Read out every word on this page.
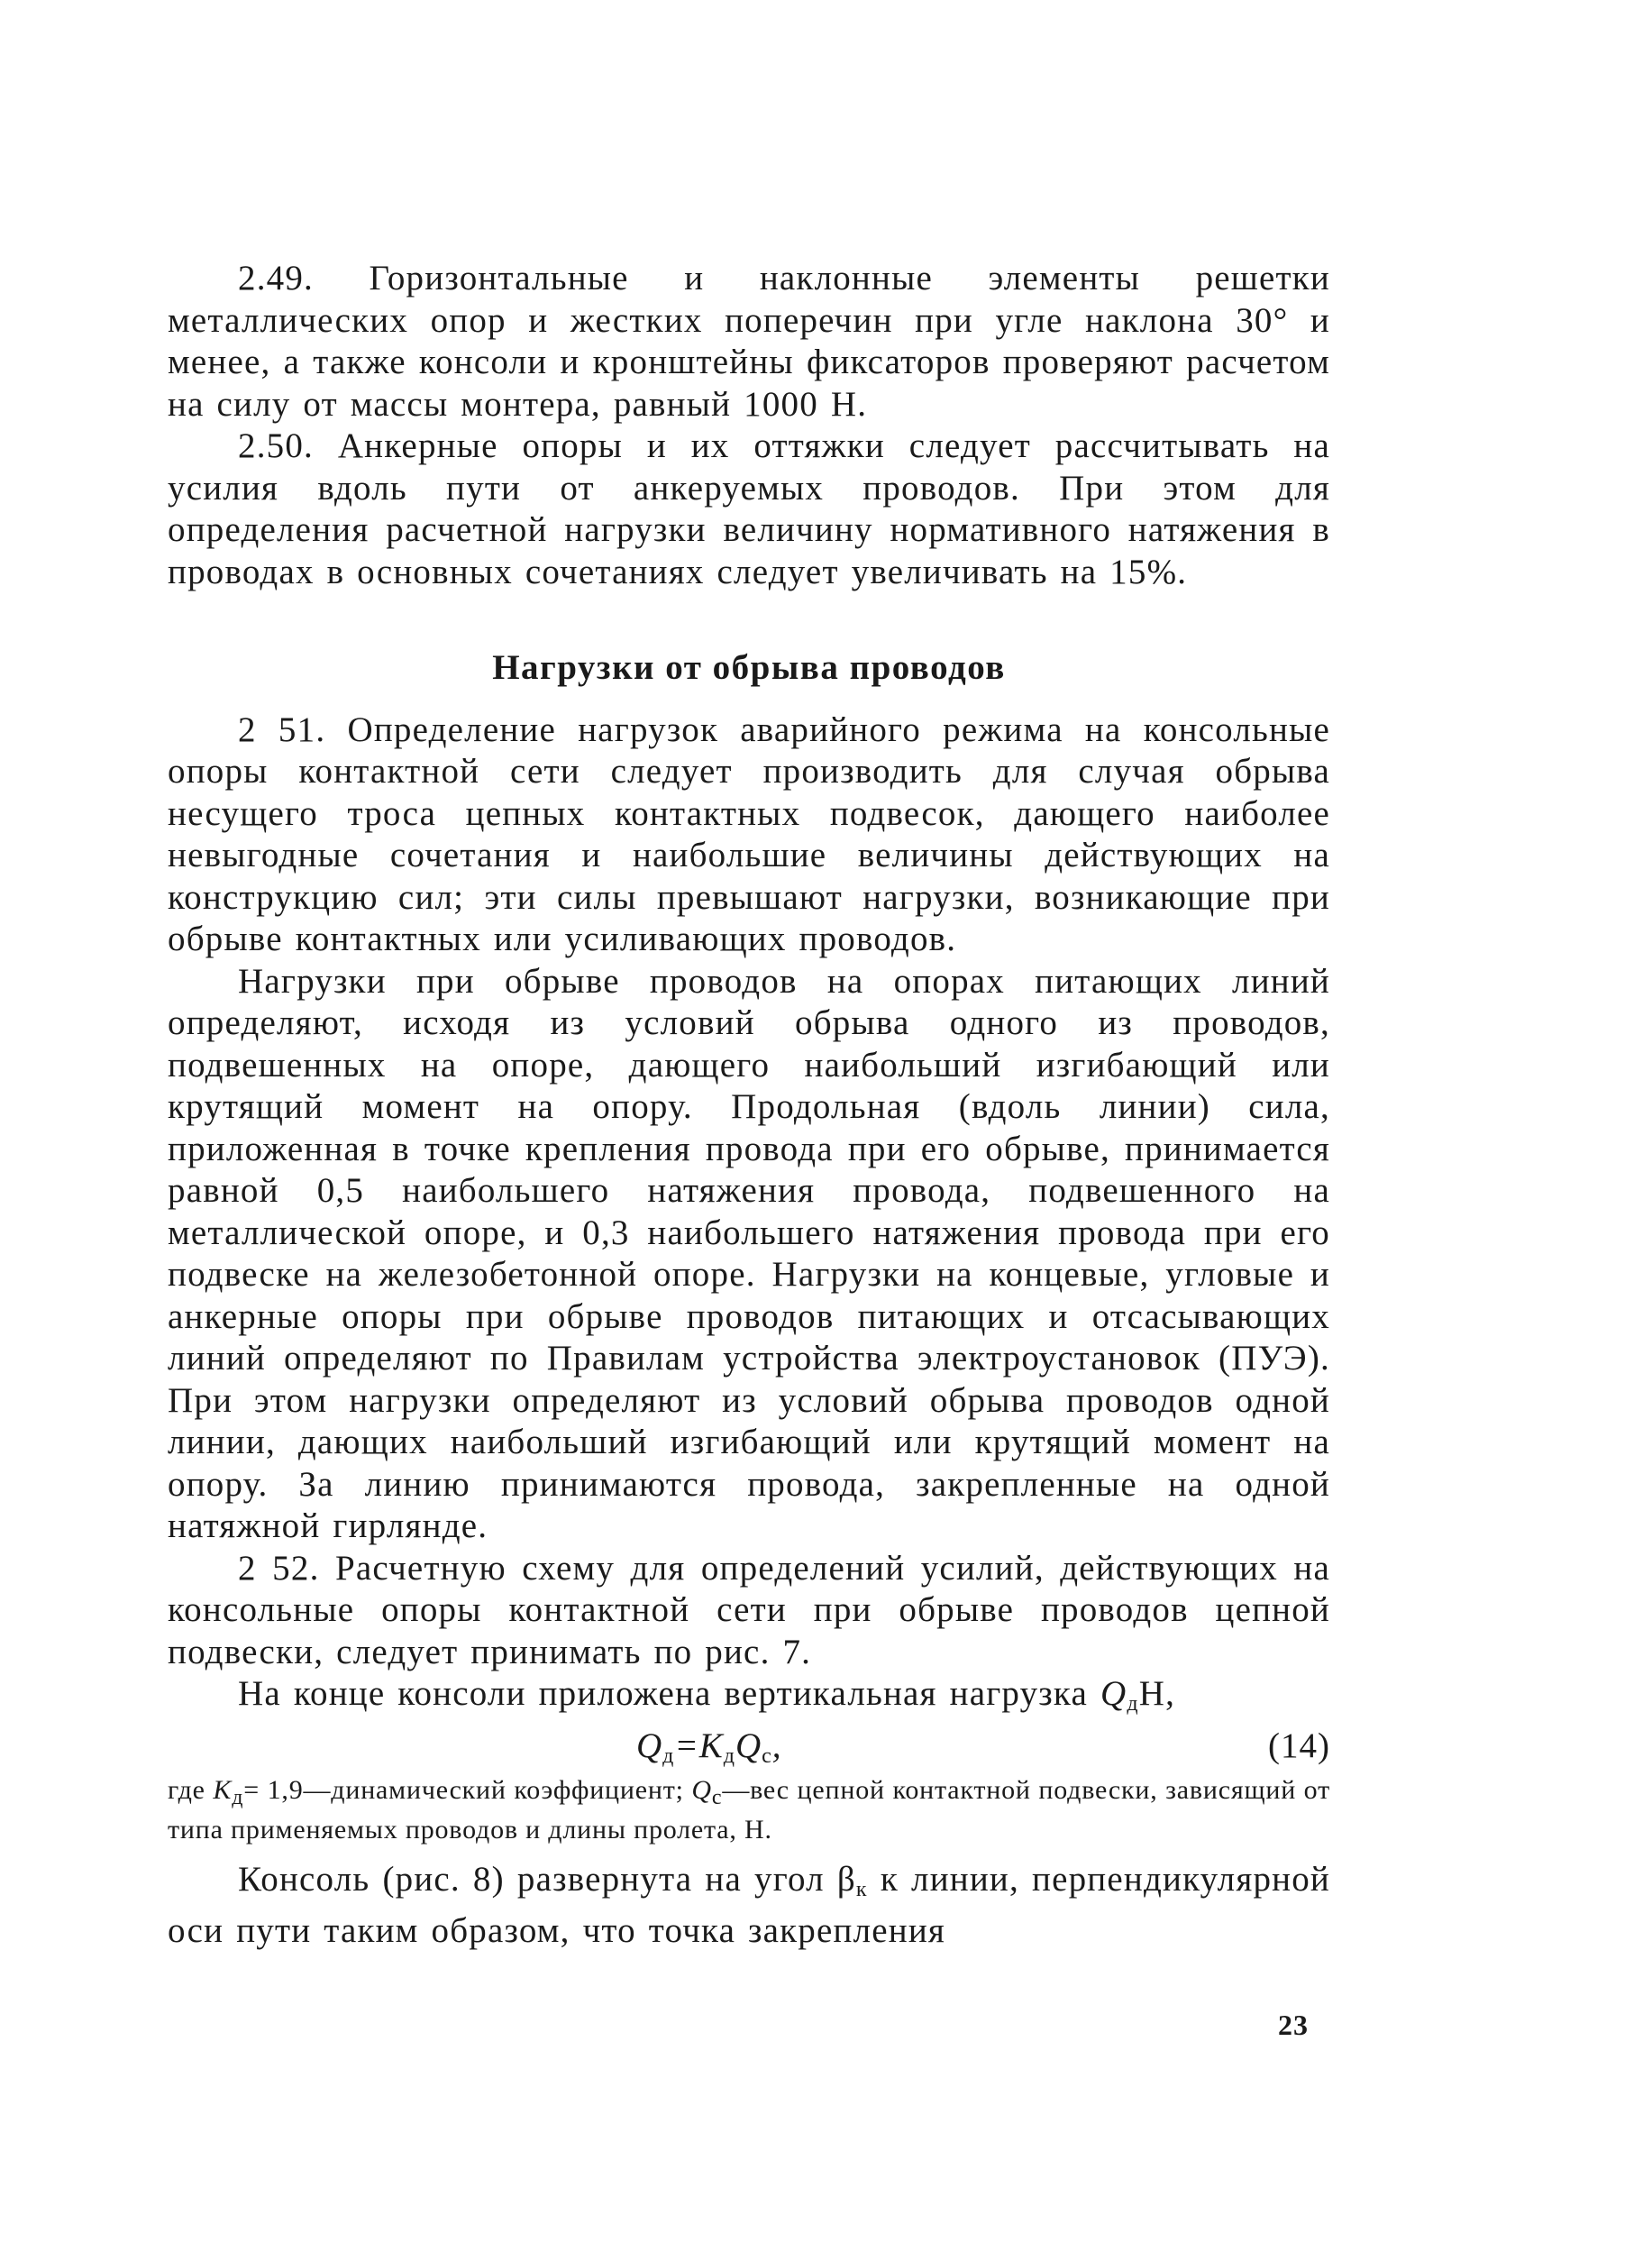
2.49. Горизонтальные и наклонные элементы решетки металлических опор и жестких поперечин при угле наклона 30° и менее, а также консоли и кронштейны фиксаторов проверяют расчетом на силу от массы монтера, равный 1000 Н.

2.50. Анкерные опоры и их оттяжки следует рассчитывать на усилия вдоль пути от анкеруемых проводов. При этом для определения расчетной нагрузки величину нормативного натяжения в проводах в основных сочетаниях следует увеличивать на 15%.

Нагрузки от обрыва проводов

2 51. Определение нагрузок аварийного режима на консольные опоры контактной сети следует производить для случая обрыва несущего троса цепных контактных подвесок, дающего наиболее невыгодные сочетания и наибольшие величины действующих на конструкцию сил; эти силы превышают нагрузки, возникающие при обрыве контактных или усиливающих проводов.

Нагрузки при обрыве проводов на опорах питающих линий определяют, исходя из условий обрыва одного из проводов, подвешенных на опоре, дающего наибольший изгибающий или крутящий момент на опору. Продольная (вдоль линии) сила, приложенная в точке крепления провода при его обрыве, принимается равной 0,5 наибольшего натяжения провода, подвешенного на металлической опоре, и 0,3 наибольшего натяжения провода при его подвеске на железобетонной опоре. Нагрузки на концевые, угловые и анкерные опоры при обрыве проводов питающих и отсасывающих линий определяют по Правилам устройства электроустановок (ПУЭ). При этом нагрузки определяют из условий обрыва проводов одной линии, дающих наибольший изгибающий или крутящий момент на опору. За линию принимаются провода, закрепленные на одной натяжной гирлянде.

2 52. Расчетную схему для определений усилий, действующих на консольные опоры контактной сети при обрыве проводов цепной подвески, следует принимать по рис. 7.

На конце консоли приложена вертикальная нагрузка $Q_дН$,

$Q_д=K_дQ_с$,	(14)

где $K_д=$ 1,9—динамический коэффициент; $Q_с—вес$ цепной контактной подвески, зависящий от типа применяемых проводов и длины пролета, Н.

Консоль (рис. 8) развернута на угол $\beta_к$ к линии, перпендикулярной оси пути таким образом, что точка закрепления

23
